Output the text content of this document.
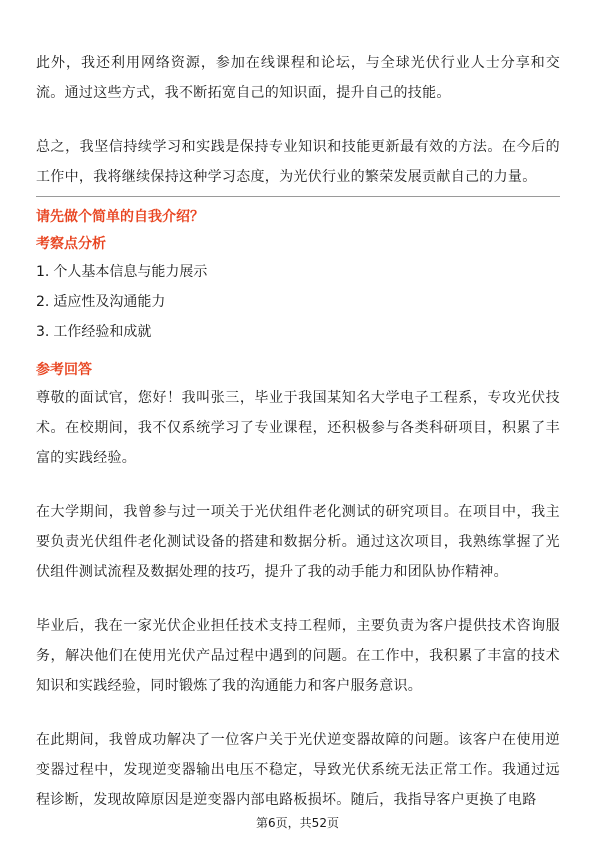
此外，我还利用网络资源，参加在线课程和论坛，与全球光伏行业人士分享和交流。通过这些方式，我不断拓宽自己的知识面，提升自己的技能。

总之，我坚信持续学习和实践是保持专业知识和技能更新最有效的方法。在今后的工作中，我将继续保持这种学习态度，为光伏行业的繁荣发展贡献自己的力量。

请先做个简单的自我介绍？

考察点分析

1. 个人基本信息与能力展示
2. 适应性及沟通能力
3. 工作经验和成就

参考回答

尊敬的面试官，您好！我叫张三，毕业于我国某知名大学电子工程系，专攻光伏技术。在校期间，我不仅系统学习了专业课程，还积极参与各类科研项目，积累了丰富的实践经验。

在大学期间，我曾参与过一项关于光伏组件老化测试的研究项目。在项目中，我主要负责光伏组件老化测试设备的搭建和数据分析。通过这次项目，我熟练掌握了光伏组件测试流程及数据处理的技巧，提升了我的动手能力和团队协作精神。

毕业后，我在一家光伏企业担任技术支持工程师，主要负责为客户提供技术咨询服务，解决他们在使用光伏产品过程中遇到的问题。在工作中，我积累了丰富的技术知识和实践经验，同时锻炼了我的沟通能力和客户服务意识。

在此期间，我曾成功解决了一位客户关于光伏逆变器故障的问题。该客户在使用逆变器过程中，发现逆变器输出电压不稳定，导致光伏系统无法正常工作。我通过远程诊断，发现故障原因是逆变器内部电路板损坏。随后，我指导客户更换了电路

第6页，共52页
